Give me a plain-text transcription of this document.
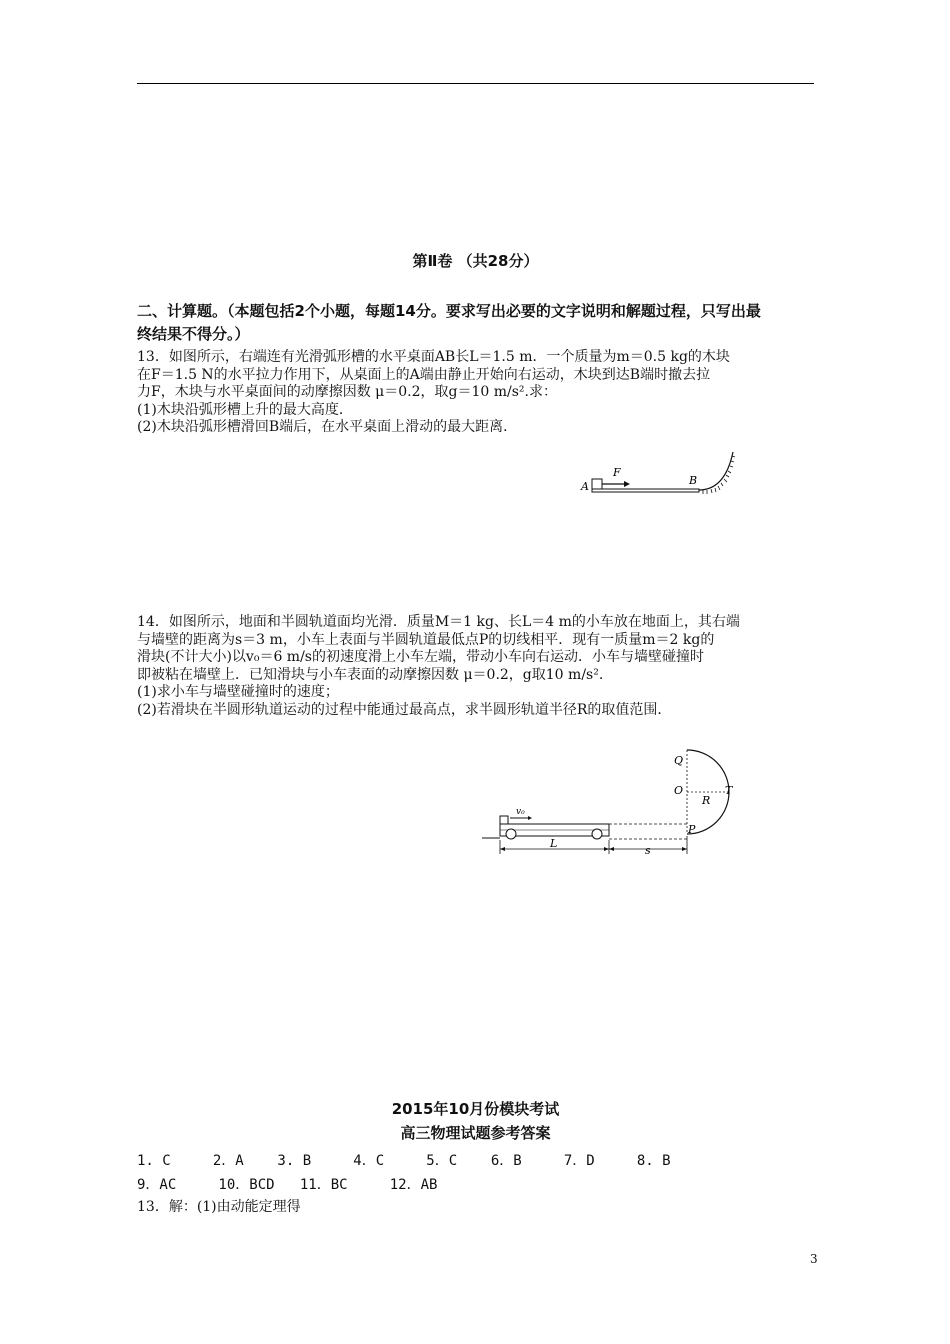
第Ⅱ卷 （共28分）
二、计算题。（本题包括2个小题，每题14分。要求写出必要的文字说明和解题过程，只写出最
终结果不得分。）

13．如图所示，右端连有光滑弧形槽的水平桌面AB长L＝1.5 m．一个质量为m＝0.5 kg的木块

在F＝1.5 N的水平拉力作用下，从桌面上的A端由静止开始向右运动，木块到达B端时撤去拉

力F，木块与水平桌面间的动摩擦因数 μ＝0.2，取g＝10 m/s².求：

(1)木块沿弧形槽上升的最大高度．

(2)木块沿弧形槽滑回B端后，在水平桌面上滑动的最大距离．

A
F
B

14．如图所示，地面和半圆轨道面均光滑．质量M＝1 kg、长L＝4 m的小车放在地面上，其右端

与墙壁的距离为s＝3 m，小车上表面与半圆轨道最低点P的切线相平．现有一质量m＝2 kg的

滑块(不计大小)以v₀＝6 m/s的初速度滑上小车左端，带动小车向右运动．小车与墙壁碰撞时

即被粘在墙壁上．已知滑块与小车表面的动摩擦因数 μ＝0.2，g取10 m/s².

(1)求小车与墙壁碰撞时的速度；

(2)若滑块在半圆形轨道运动的过程中能通过最高点，求半圆形轨道半径R的取值范围．

Q
O	T
R
P
v₀
L
s
2015年10月份模块考试
高三物理试题参考答案
1. C     2．A    3. B     4．C     5．C    6．B     7．D     8. B
9．AC     10．BCD   11．BC     12．AB
13．解：(1)由动能定理得
3
